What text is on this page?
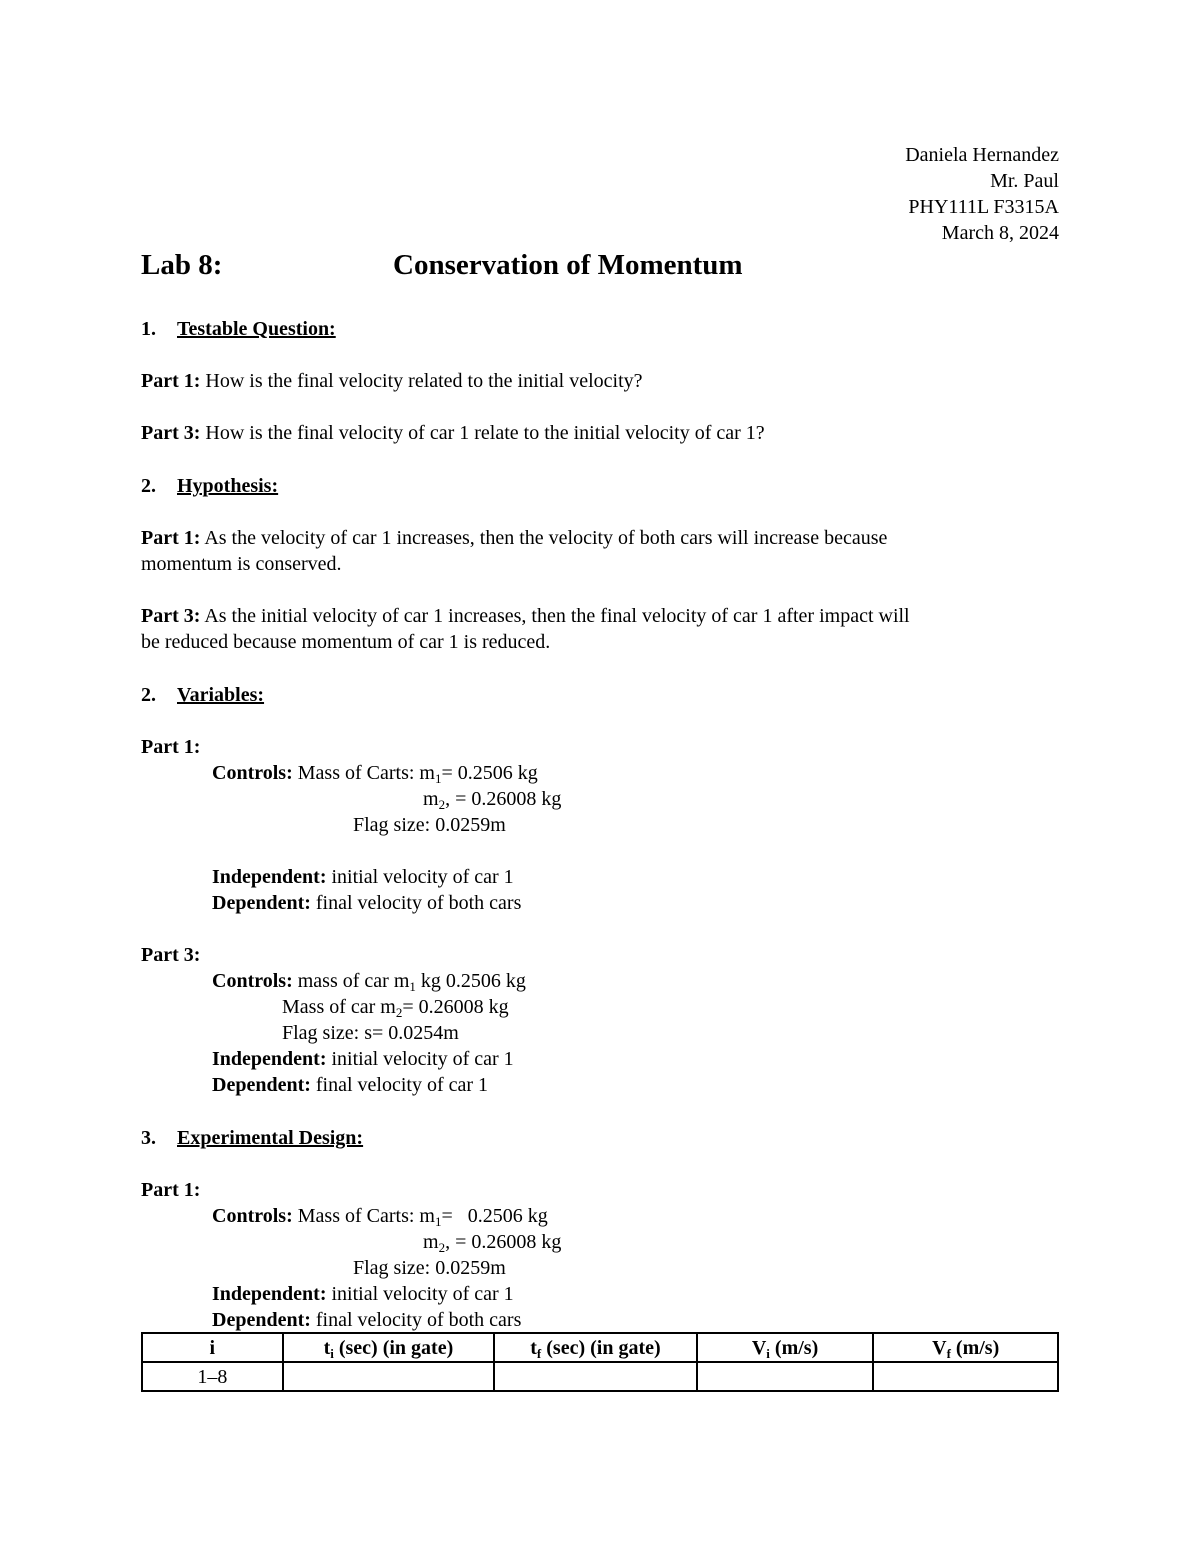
Daniela Hernandez
Mr. Paul
PHY111L F3315A
March 8, 2024
Lab 8:	Conservation of Momentum
1. Testable Question:
Part 1: How is the final velocity related to the initial velocity?
Part 3: How is the final velocity of car 1 relate to the initial velocity of car 1?
2. Hypothesis:
Part 1: As the velocity of car 1 increases, then the velocity of both cars will increase because
momentum is conserved.
Part 3: As the initial velocity of car 1 increases, then the final velocity of car 1 after impact will
be reduced because momentum of car 1 is reduced.
2. Variables:
Part 1:
Controls: Mass of Carts: $m_1= 0.2506$ kg
$m_2$, = 0.26008 kg
Flag size: 0.0259m
Independent: initial velocity of car 1
Dependent: final velocity of both cars
Part 3:
Controls: mass of car $m_1$ kg 0.2506 kg
Mass of car $m_2= 0.26008$ kg
Flag size: s= 0.0254m
Independent: initial velocity of car 1
Dependent: final velocity of car 1
3. Experimental Design:
Part 1:
Controls: Mass of Carts: $m_1= 0.2506$ kg
$m_2$, = 0.26008 kg
Flag size: 0.0259m
Independent: initial velocity of car 1
Dependent: final velocity of both cars
i	$t_i$ (sec) (in gate)	$t_f$ (sec) (in gate)	$V_i$ (m/s)	$V_f$ (m/s)
1–8				
